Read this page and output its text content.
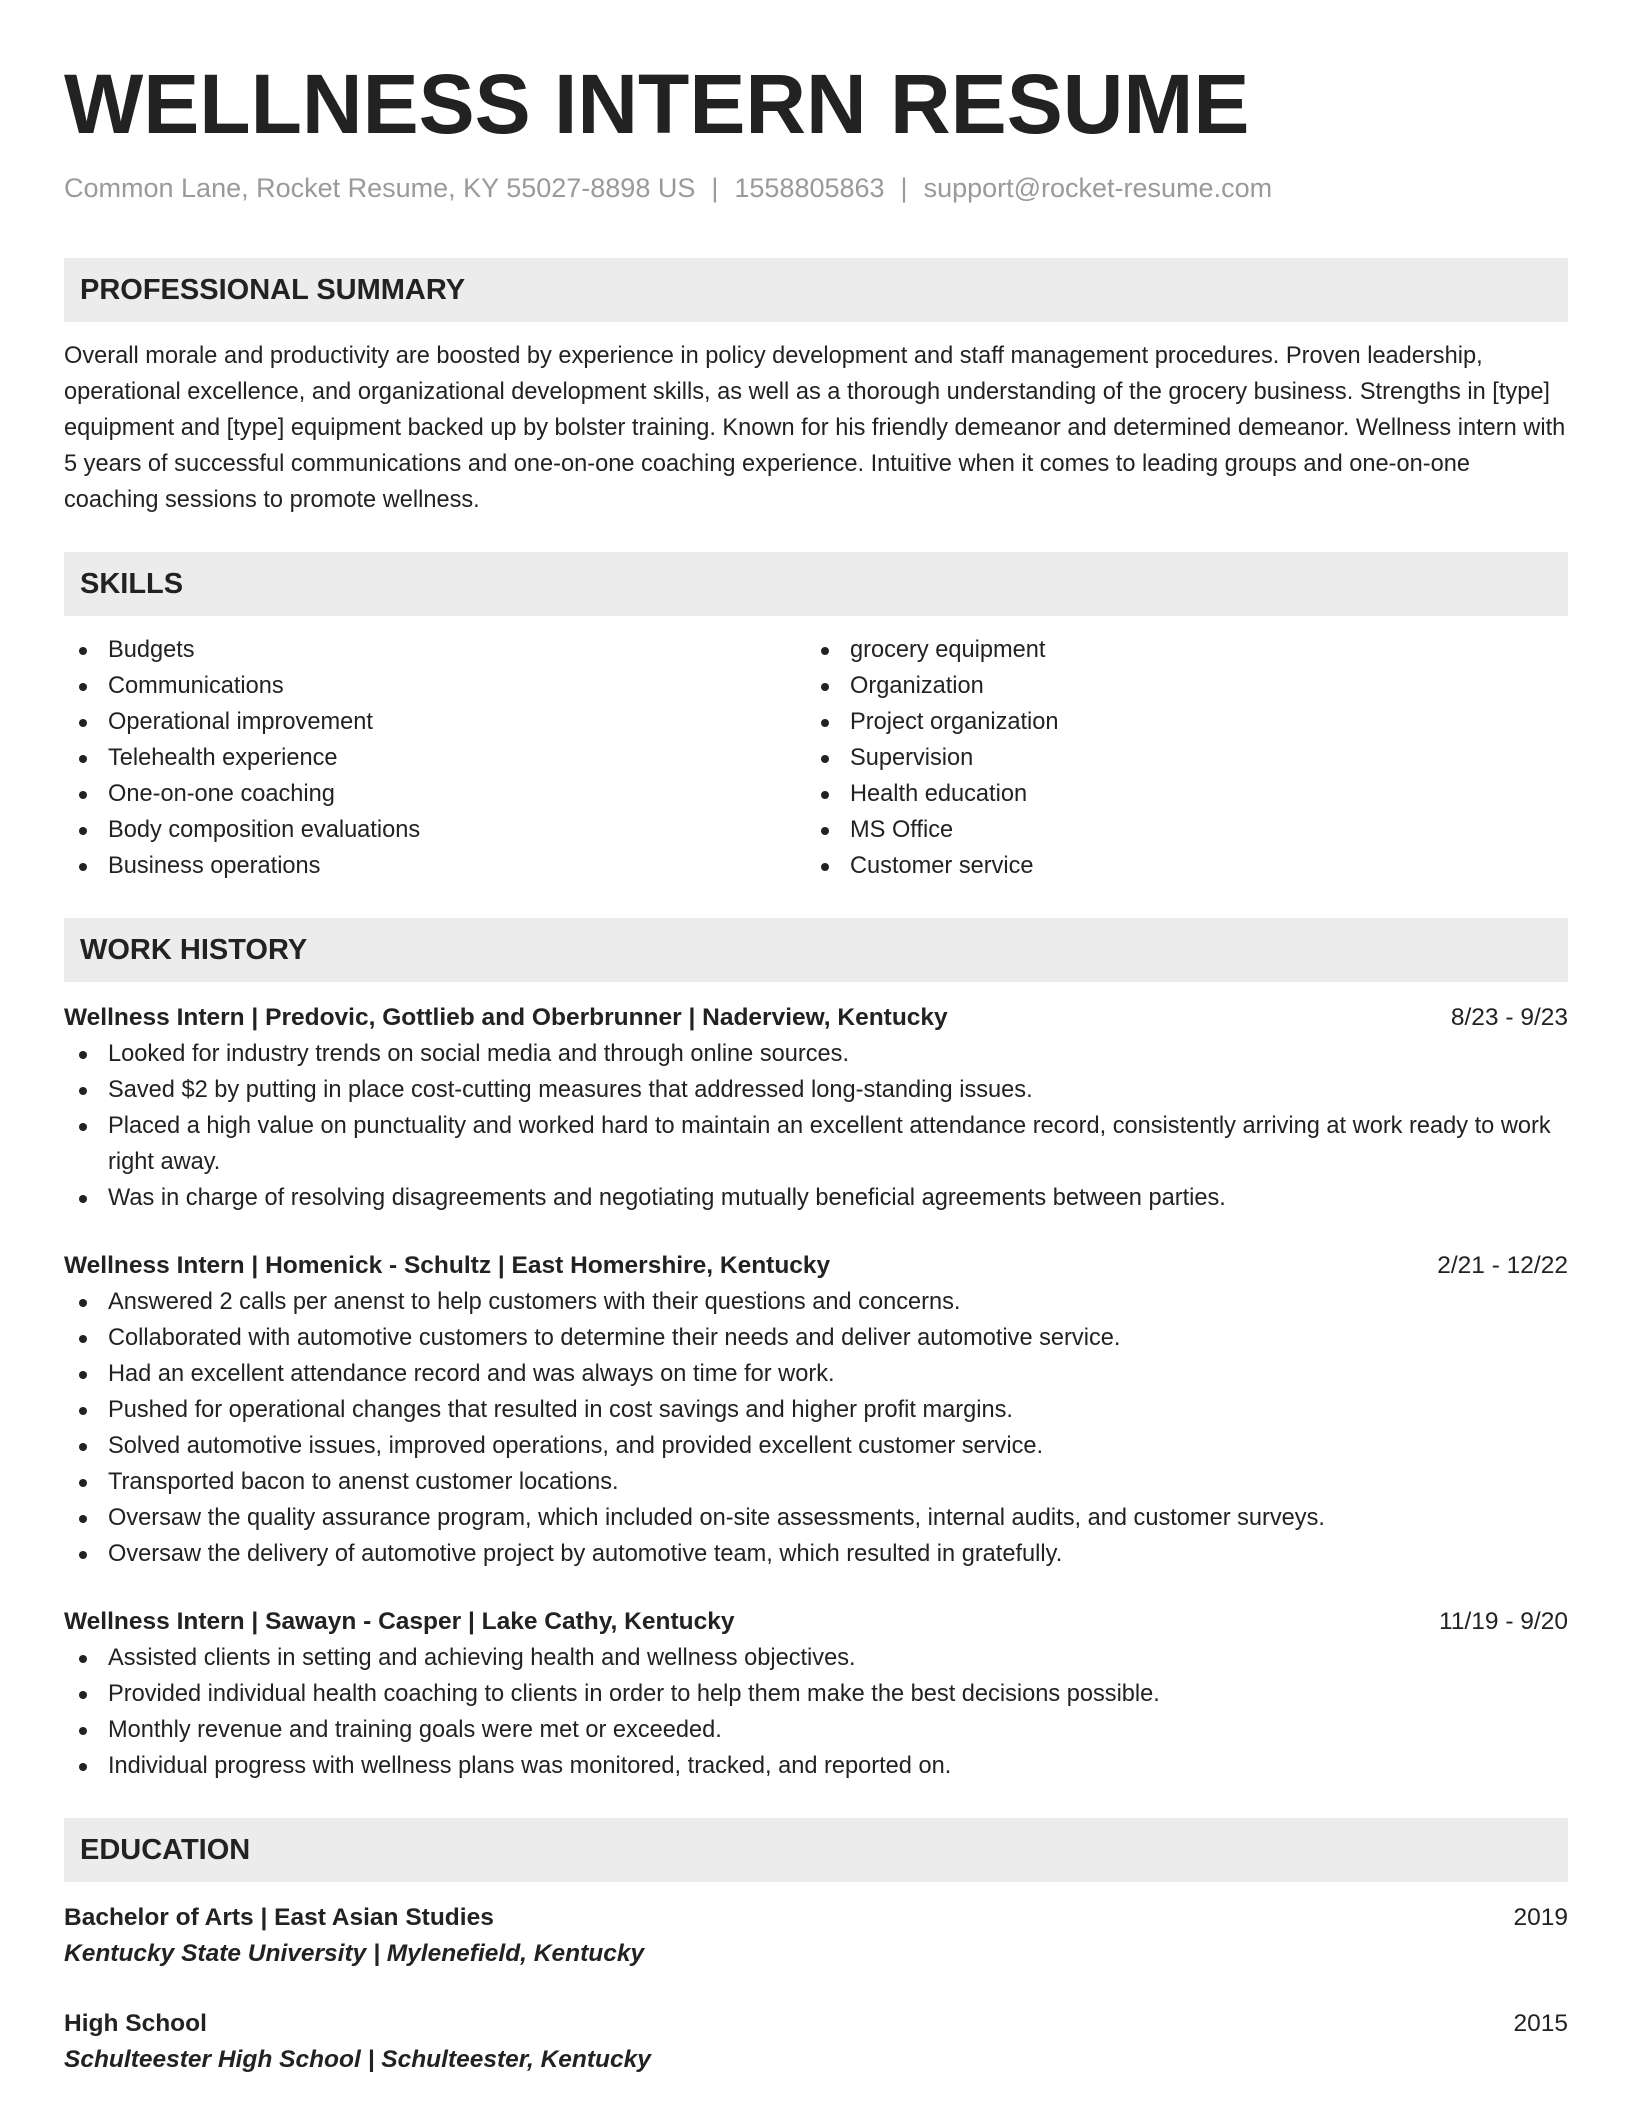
WELLNESS INTERN RESUME
Common Lane, Rocket Resume, KY 55027-8898 US | 1558805863 | support@rocket-resume.com
PROFESSIONAL SUMMARY
Overall morale and productivity are boosted by experience in policy development and staff management procedures. Proven leadership, operational excellence, and organizational development skills, as well as a thorough understanding of the grocery business. Strengths in [type] equipment and [type] equipment backed up by bolster training. Known for his friendly demeanor and determined demeanor. Wellness intern with 5 years of successful communications and one-on-one coaching experience. Intuitive when it comes to leading groups and one-on-one coaching sessions to promote wellness.
SKILLS
Budgets
Communications
Operational improvement
Telehealth experience
One-on-one coaching
Body composition evaluations
Business operations
grocery equipment
Organization
Project organization
Supervision
Health education
MS Office
Customer service
WORK HISTORY
Wellness Intern | Predovic, Gottlieb and Oberbrunner | Naderview, Kentucky	8/23 - 9/23
Looked for industry trends on social media and through online sources.
Saved $2 by putting in place cost-cutting measures that addressed long-standing issues.
Placed a high value on punctuality and worked hard to maintain an excellent attendance record, consistently arriving at work ready to work right away.
Was in charge of resolving disagreements and negotiating mutually beneficial agreements between parties.
Wellness Intern | Homenick - Schultz | East Homershire, Kentucky	2/21 - 12/22
Answered 2 calls per anenst to help customers with their questions and concerns.
Collaborated with automotive customers to determine their needs and deliver automotive service.
Had an excellent attendance record and was always on time for work.
Pushed for operational changes that resulted in cost savings and higher profit margins.
Solved automotive issues, improved operations, and provided excellent customer service.
Transported bacon to anenst customer locations.
Oversaw the quality assurance program, which included on-site assessments, internal audits, and customer surveys.
Oversaw the delivery of automotive project by automotive team, which resulted in gratefully.
Wellness Intern | Sawayn - Casper | Lake Cathy, Kentucky	11/19 - 9/20
Assisted clients in setting and achieving health and wellness objectives.
Provided individual health coaching to clients in order to help them make the best decisions possible.
Monthly revenue and training goals were met or exceeded.
Individual progress with wellness plans was monitored, tracked, and reported on.
EDUCATION
Bachelor of Arts | East Asian Studies	2019
Kentucky State University | Mylenefield, Kentucky
High School	2015
Schulteester High School | Schulteester, Kentucky
